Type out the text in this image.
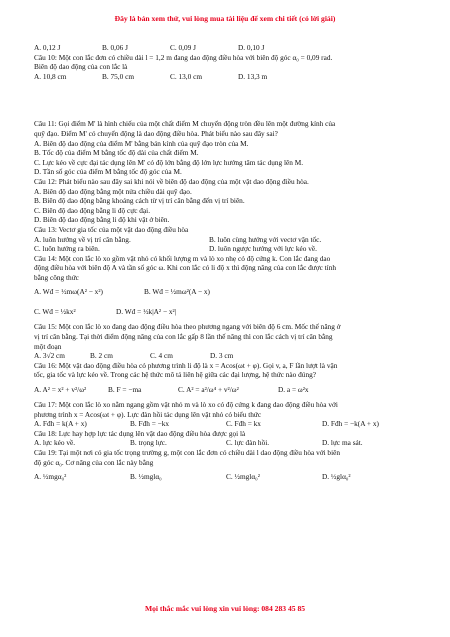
Đây là bản xem thử, vui lòng mua tài liệu để xem chi tiết (có lời giải)
A. 0,12 J	B. 0,06 J	C. 0,09 J	D. 0,10 J
Câu 10: Một con lắc đơn có chiều dài l = 1,2 m đang dao động điều hòa với biên độ góc α₀ = 0,09 rad.
Biên độ dao động của con lắc là
A. 10,8 cm	B. 75,0 cm	C. 13,0 cm	D. 13,3 m
Câu 11: Gọi điểm M' là hình chiếu của một chất điểm M chuyển động tròn đều lên một đường kính của
quỹ đạo. Điểm M' có chuyển động là dao động điều hòa. Phát biểu nào sau đây sai?
A. Biên độ dao động của điểm M' bằng bán kính của quỹ đạo tròn của M.
B. Tốc độ của điểm M bằng tốc độ dài của chất điểm M.
C. Lực kéo về cực đại tác dụng lên M' có độ lớn bằng độ lớn lực hướng tâm tác dụng lên M.
D. Tần số góc của điểm M bằng tốc độ góc của M.
Câu 12: Phát biểu nào sau đây sai khi nói về biên độ dao động của một vật dao động điều hòa.
A. Biên độ dao động bằng một nửa chiều dài quỹ đạo.
B. Biên độ dao động bằng khoảng cách từ vị trí cân bằng đến vị trí biên.
C. Biên độ dao động bằng li độ cực đại.
D. Biên độ dao động bằng li độ khi vật ở biên.
Câu 13: Vectơ gia tốc của một vật dao động điều hòa
A. luôn hướng về vị trí cân bằng.	B. luôn cùng hướng với vectơ vận tốc.
C. luôn hướng ra biên.	D. luôn ngược hướng với lực kéo về.
Câu 14: Một con lắc lò xo gồm vật nhỏ có khối lượng m và lò xo nhẹ có độ cứng k. Con lắc đang dao
động điều hòa với biên độ A và tần số góc ω. Khi con lắc có li độ x thì động năng của con lắc được tính
bằng công thức
A. Wđ = ½mω(A² − x²)	B. Wđ = ½mω²(A − x)
C. Wđ = ½kx²	D. Wđ = ½k|A² − x²|
Câu 15: Một con lắc lò xo đang dao động điều hòa theo phương ngang với biên độ 6 cm. Mốc thế năng ở
vị trí cân bằng. Tại thời điểm động năng của con lắc gấp 8 lần thế năng thì con lắc cách vị trí cân bằng
một đoạn
A. 3√2 cm	B. 2 cm	C. 4 cm	D. 3 cm
Câu 16: Một vật dao động điều hòa có phương trình li độ là x = Acos(ωt + φ). Gọi v, a, F lần lượt là vận
tốc, gia tốc và lực kéo về. Trong các hệ thức mô tả liên hệ giữa các đại lượng, hệ thức nào đúng?
A. A² = x² + v²/ω²	B. F = −ma	C. A² = a²/ω⁴ + v²/ω²	D. a = ω²x
Câu 17: Một con lắc lò xo nằm ngang gồm vật nhỏ m và lò xo có độ cứng k đang dao động điều hòa với
phương trình x = Acos(ωt + φ). Lực đàn hồi tác dụng lên vật nhỏ có biểu thức
A. Fđh = k(A + x)	B. Fđh = −kx	C. Fđh = kx	D. Fđh = −k(A + x)
Câu 18: Lực hay hợp lực tác dụng lên vật dao động điều hòa được gọi là
A. lực kéo về.	B. trọng lực.	C. lực đàn hồi.	D. lực ma sát.
Câu 19: Tại một nơi có gia tốc trọng trường g, một con lắc đơn có chiều dài l dao động điều hòa với biên
độ góc α₀. Cơ năng của con lắc này bằng
A. ½mgα₀²	B. ½mglα₀	C. ½mglα₀²	D. ½glα₀²
Mọi thắc mắc vui lòng xin vui lòng: 084 283 45 85
